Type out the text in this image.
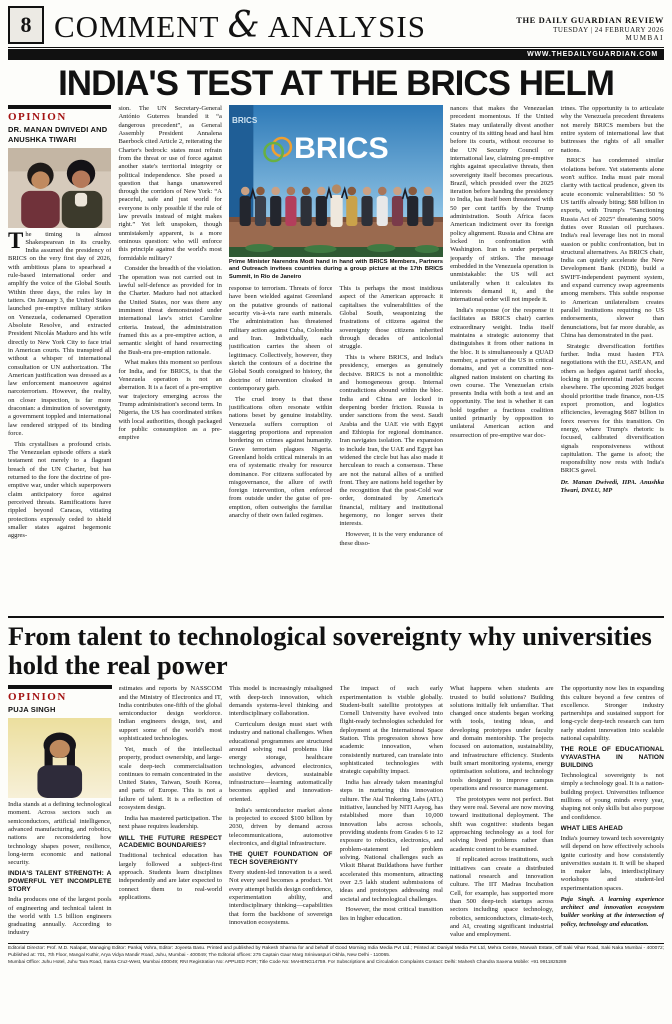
8 COMMENT & ANALYSIS	THE DAILY GUARDIAN REVIEW
TUESDAY | 24 FEBRUARY 2026
MUMBAI
WWW.THEDAILYGUARDIAN.COM
INDIA'S TEST AT THE BRICS HELM
OPINION
DR. MANAN DWIVEDI AND ANUSHKA TIWARI

The timing is almost Shakespearean in its cruelty. India assumed the presidency of BRICS on the very first day of 2026, with ambitious plans to spearhead a rule-based international order and amplify the voice of the Global South. Within three days, the rules lay in tatters. On January 3, the United States launched pre-emptive military strikes on Venezuela, codenamed Operation Absolute Resolve, and extracted President Nicolás Maduro and his wife directly to New York City to face trial in American courts. This transpired all without a whisper of international consultation or UN authorization. The American justification was dressed as a law enforcement manoeuvre against narcoterrorism. However, the reality, on closer inspection, is far more draconian: a diminution of sovereignty, a government toppled and international law rendered stripped of its binding force.

This crystallises a profound crisis. The Venezuelan episode offers a stark testament not merely to a flagrant breach of the UN Charter, but has returned to the fore the doctrine of pre-emptive war, under which superpowers claim anticipatory force against perceived threats. Ramifications have rippled beyond Caracas, vitiating protections expressly ceded to shield smaller states against hegemonic aggres-

sion. The UN Secretary-General António Guterres branded it “a dangerous precedent”, as General Assembly President Annalena Baerbock cited Article 2, reiterating the Charter's bedrock: states must refrain from the threat or use of force against another state's territorial integrity or political independence. She posed a question that hangs unanswered through the corridors of New York: “A peaceful, safe and just world for everyone is only possible if the rule of law prevails instead of might makes right.” Yet left unspoken, though unmistakenly apparent, is a more ominous question: who will enforce this principle against the world's most formidable military?

Consider the breadth of the violation. The operation was not carried out in lawful self-defence as provided for in the Charter. Maduro had not attacked the United States, nor was there any imminent threat demonstrated under international law's strict Caroline criteria. Instead, the administration framed this as a pre-emptive action, a semantic sleight of hand resurrecting the Bush-era pre-emption rationale.

What makes this moment so perilous for India, and for BRICS, is that the Venezuela operation is not an aberration. It is a facet of a pre-emptive war trajectory emerging across the Trump administration's second term. In Nigeria, the US has coordinated strikes with local authorities, though packaged for public consumption as a pre-emptive

BRICS
BRICS
Prime Minister Narendra Modi hand in hand with BRICS Members, Partners and Outreach invitees countries during a group picture at the 17th BRICS Summit, in Rio de Janeiro

response to terrorism. Threats of force have been wielded against Greenland on the putative grounds of national security vis-à-vis rare earth minerals. The administration has threatened military action against Cuba, Colombia and Iran. Individually, each justification carries the sheen of legitimacy. Collectively, however, they sketch the contours of a doctrine the Global South consigned to history, the doctrine of intervention cloaked in contemporary garb.

The cruel irony is that these justifications often resonate within nations beset by genuine instability. Venezuela suffers corruption of staggering proportions and repression bordering on crimes against humanity. Grave terrorism plagues Nigeria. Greenland holds critical minerals in an era of systematic rivalry for resource dominance. For citizens suffocated by misgovernance, the allure of swift foreign intervention, often enforced from outside under the guise of pre-emption, often outweighs the familiar anarchy of their own failed regimes.

This is perhaps the most insidious aspect of the American approach: it capitalises the vulnerabilities of the Global South, weaponizing the frustrations of citizens against the sovereignty those citizens inherited through decades of anticolonial struggle.

This is where BRICS, and India's presidency, emerges as genuinely decisive. BRICS is not a monolithic and homogeneous group. Internal contradictions abound within the bloc. India and China are locked in deepening border friction. Russia is under sanctions from the west. Saudi Arabia and the UAE vie with Egypt and Ethiopia for regional dominance. Iran navigates isolation. The expansion to include Iran, the UAE and Egypt has widened the circle but has also made it herculean to reach a consensus. These are not the natural allies of a unified front. They are nations held together by the recognition that the post-Cold war order, dominated by America's financial, military and institutional hegemony, no longer serves their interests.

However, it is the very endurance of these disso-

nances that makes the Venezuelan precedent momentous. If the United States may unilaterally divest another country of its sitting head and haul him before its courts, without recourse to the UN Security Council or international law, claiming pre-emptive rights against speculative threats, then sovereignty itself becomes precarious. Brazil, which presided over the 2025 iteration before handing the presidency to India, has itself been threatened with 50 per cent tariffs by the Trump administration. South Africa faces American indictment over its foreign policy alignment. Russia and China are locked in confrontation with Washington. Iran is under perpetual jeopardy of strikes. The message embedded in the Venezuela operation is unmistakable: the US will act unilaterally when it calculates its interests demand it, and the international order will not impede it.

India's response (or the response it facilitates as BRICS chair) carries extraordinary weight. India itself maintains a strategic autonomy that distinguishes it from other nations in the bloc. It is simultaneously a QUAD member, a partner of the US in critical domains, and yet a committed non-aligned nation insistent on charting its own course. The Venezuelan crisis presents India with both a test and an opportunity. The test is whether it can hold together a fractious coalition united primarily by opposition to unilateral American action and resurrection of pre-emptive war doc-

trines. The opportunity is to articulate why the Venezuela precedent threatens not merely BRICS members but the entire system of international law that buttresses the rights of all smaller nations.

BRICS has condemned similar violations before. Yet statements alone won't suffice. India must pair moral clarity with tactical prudence, given its acute economic vulnerabilities: 50 % US tariffs already biting; $88 billion in exports, with Trump's “Sanctioning Russia Act of 2025” threatening 500% duties over Russian oil purchases. India's real leverage lies not in moral suasion or public confrontation, but in structural alternatives. As BRICS chair, India can quietly accelerate the New Development Bank (NDB), build a SWIFT-independent payment system, and expand currency swap agreements among members. This subtle response to American unilateralism creates parallel institutions requiring no US endorsements, slower than denunciations, but far more durable, as China has demonstrated in the past.

Strategic diversification fortifies further. India must hasten FTA negotiations with the EU, ASEAN, and others as hedges against tariff shocks, locking in preferential market access elsewhere. The upcoming 2026 budget should prioritise trade finance, non-US export promotion, and logistics efficiencies, leveraging $687 billion in forex reserves for this transition. On energy, where Trump's rhetoric is focused, calibrated diversification signals responsiveness without capitulation. The game is afoot; the responsibility now rests with India's BRICS gavel.

Dr. Manan Dwivedi, IIPA. Anushka Tiwari, DNLU, MP
From talent to technological sovereignty why universities hold the real power
OPINION
PUJA SINGH

India stands at a defining technological moment. Across sectors such as semiconductors, artificial intelligence, advanced manufacturing, and robotics, nations are reconsidering how technology shapes power, resilience, long-term economic and national security.

INDIA'S TALENT STRENGTH: A POWERFUL YET INCOMPLETE STORY

India produces one of the largest pools of engineering and technical talent in the world with 1.5 billion engineers graduating annually. According to industry

estimates and reports by NASSCOM and the Ministry of Electronics and IT, India contributes one-fifth of the global semiconductor design workforce. Indian engineers design, test, and support some of the world's most sophisticated technologies.

Yet, much of the intellectual property, product ownership, and large-scale deep-tech commercialisation continues to remain concentrated in the United States, Taiwan, South Korea, and parts of Europe. This is not a failure of talent. It is a reflection of ecosystem design.

India has mastered participation. The next phase requires leadership.

WILL THE FUTURE RESPECT ACADEMIC BOUNDARIES?

Traditional technical education has largely followed a subject-first approach. Students learn disciplines independently and are later expected to connect them to real-world applications.

This model is increasingly misaligned with deep-tech innovation, which demands systems-level thinking and interdisciplinary collaboration.

Curriculum design must start with industry and national challenges. When educational programmes are structured around solving real problems like energy storage, healthcare technologies, advanced electronics, assistive devices, sustainable infrastructure—learning automatically becomes applied and innovation-oriented.

India's semiconductor market alone is projected to exceed $100 billion by 2030, driven by demand across telecommunications, automotive electronics, and digital infrastructure.

THE QUIET FOUNDATION OF TECH SOVEREIGNTY

Every student-led innovation is a seed. Not every seed becomes a product. Yet every attempt builds design confidence, experimentation ability, and interdisciplinary thinking—capabilities that form the backbone of sovereign innovation ecosystems.

The impact of such early experimentation is visible globally. Student-built satellite prototypes at Cornell University have evolved into flight-ready technologies scheduled for deployment at the International Space Station. This progression shows how academic innovation, when consistently nurtured, can translate into sophisticated technologies with strategic capability impact.

India has already taken meaningful steps in nurturing this innovation culture. The Atal Tinkering Labs (ATL) initiative, launched by NITI Aayog, has established more than 10,000 innovation labs across schools, providing students from Grades 6 to 12 exposure to robotics, electronics, and problem-statement led problem solving. National challenges such as Viksit Bharat Buildathons have further accelerated this momentum, attracting over 2.5 lakh student submissions of ideas and prototypes addressing real societal and technological challenges.

However, the most critical transition lies in higher education.

What happens when students are trusted to build solutions? Building solutions initially felt unfamiliar. That changed once students began working with tools, testing ideas, and developing prototypes under faculty and domain mentorship. The projects focused on automation, sustainability, and infrastructure efficiency. Students built smart monitoring systems, energy optimisation solutions, and technology tools designed to improve campus operations and resource management.

The prototypes were not perfect. But they were real. Several are now moving toward institutional deployment. The shift was cognitive: students began approaching technology as a tool for solving lived problems rather than academic content to be examined.

If replicated across institutions, such initiatives can create a distributed national research and innovation culture. The IIT Madras Incubation Cell, for example, has supported more than 500 deep-tech startups across sectors including space technology, robotics, semiconductors, climate-tech, and AI, creating significant industrial value and employment.

The opportunity now lies in expanding this culture beyond a few centres of excellence. Stronger industry partnerships and sustained support for long-cycle deep-tech research can turn early student innovation into scalable national capability.

THE ROLE OF EDUCATIONAL VYAVASTHA IN NATION BUILDING

Technological sovereignty is not simply a technology goal. It is a nation-building project. Universities influence millions of young minds every year, shaping not only skills but also purpose and confidence.

WHAT LIES AHEAD

India's journey toward tech sovereignty will depend on how effectively schools ignite curiosity and how consistently universities sustain it. It will be shaped in maker labs, interdisciplinary workshops and student-led experimentation spaces.

Puja Singh. A learning experience architect and innovation ecosystem builder working at the intersection of policy, technology and education.
Editorial Director: Prof. M.D. Nalapat, Managing Editor: Pankaj Vohra, Editor: Joyeeta Basu. Printed and published by Rakesh Sharma for and behalf of Good Morning India Media Pvt Ltd.; Printed at: Daniyal Media Pvt Ltd, Mehra Centre, Marwah Estate, Off Saki Vihar Road, Saki Naka Mumbai - 400072; Published at: 701, 7th Floor, Mangal Kuthir, Arya Vidya Mandir Road, Juhu, Mumbai - 400049; The Editorial offices: 275 Captain Gaur Marg Sriniwaspuri Okhla, New Delhi - 110065.
Mumbai Office: Juhu Hotel, Juhu Tara Road, Santa Cruz-West, Mumbai 400049; RNI Registration No: APPLIED FOR; Title Code No: MAHENG14759. For Subscriptions and Circulation Complaints Contact: Delhi: Mahesh Chandra Saxena Mobile: +91 9911825289
